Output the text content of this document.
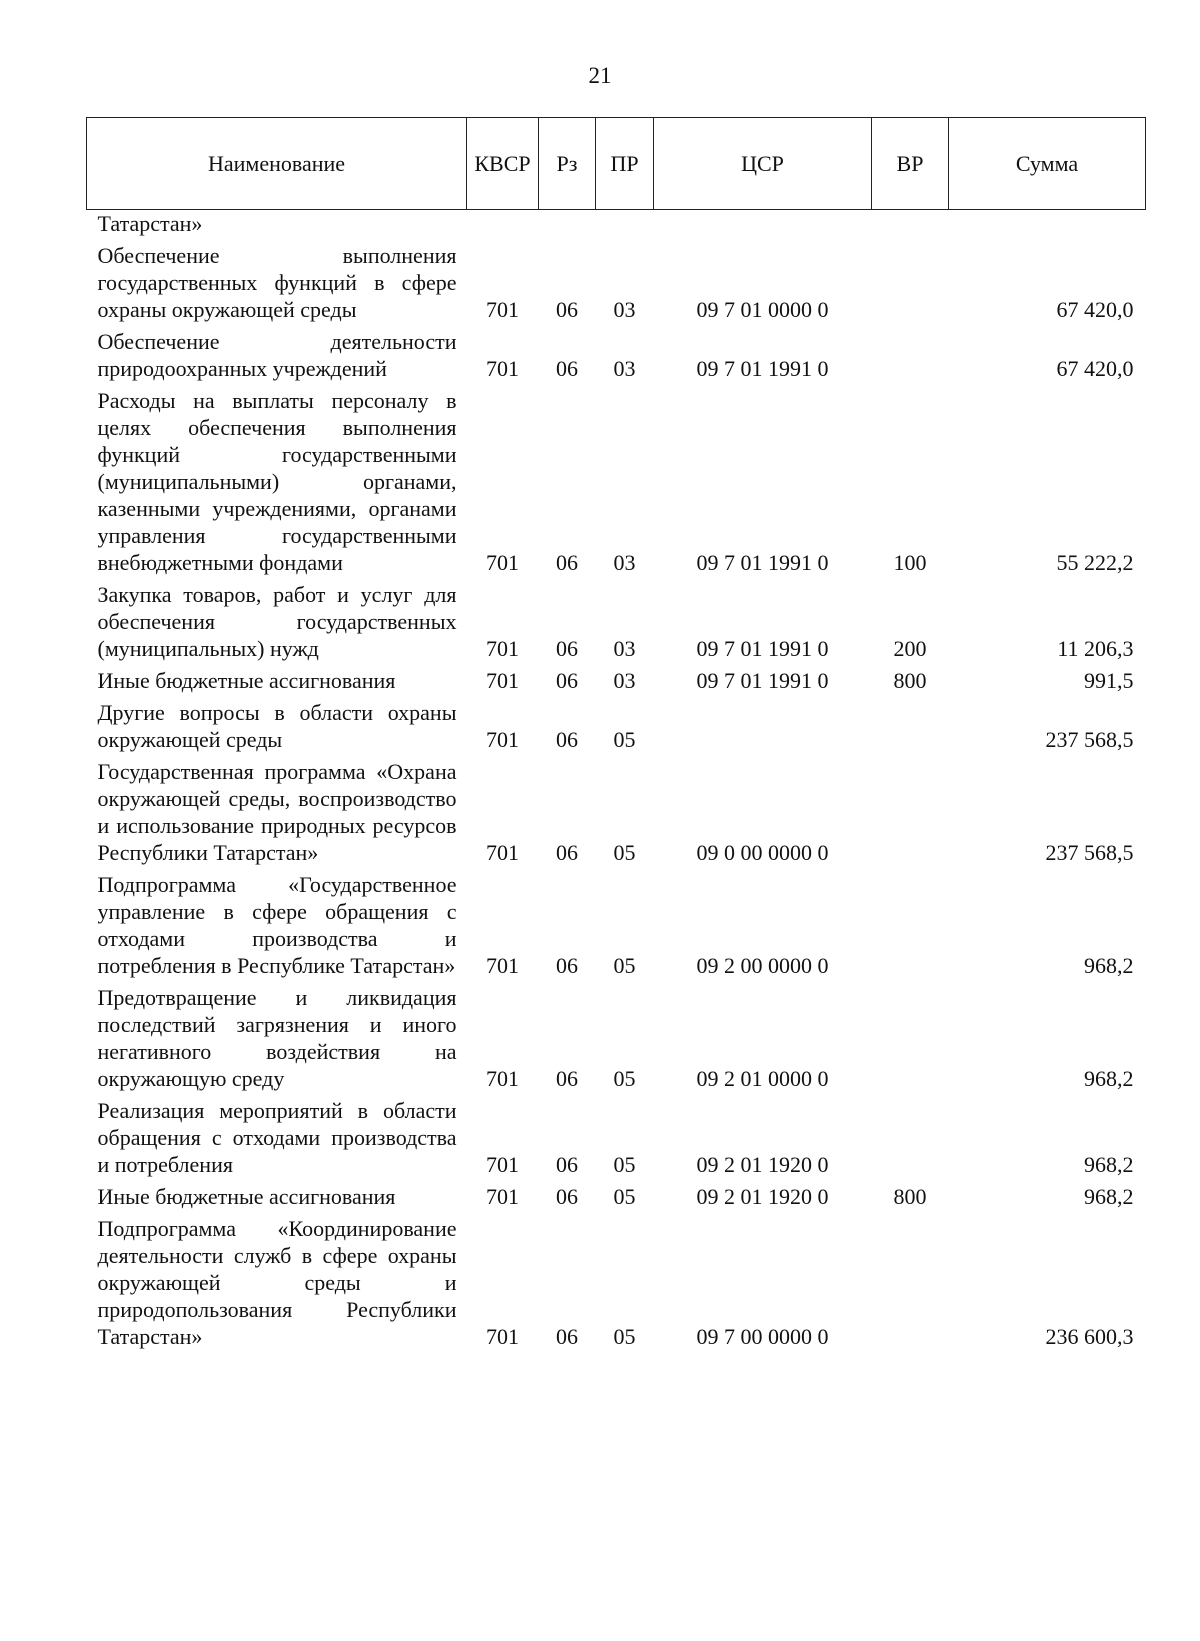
21
Наименование	КВСР	Рз	ПР	ЦСР	ВР	Сумма
Татарстан»						
Обеспечение выполнения государственных функций в сфере охраны окружающей среды	701	06	03	09 7 01 0000 0		67 420,0
Обеспечение деятельности природоохранных учреждений	701	06	03	09 7 01 1991 0		67 420,0
Расходы на выплаты персоналу в целях обеспечения выполнения функций государственными (муниципальными) органами, казенными учреждениями, органами управления государственными внебюджетными фондами	701	06	03	09 7 01 1991 0	100	55 222,2
Закупка товаров, работ и услуг для обеспечения государственных (муниципальных) нужд	701	06	03	09 7 01 1991 0	200	11 206,3
Иные бюджетные ассигнования	701	06	03	09 7 01 1991 0	800	991,5
Другие вопросы в области охраны окружающей среды	701	06	05			237 568,5
Государственная программа «Охрана окружающей среды, воспроизводство и использование природных ресурсов Республики Татарстан»	701	06	05	09 0 00 0000 0		237 568,5
Подпрограмма «Государственное управление в сфере обращения с отходами производства и потребления в Республике Татарстан»	701	06	05	09 2 00 0000 0		968,2
Предотвращение и ликвидация последствий загрязнения и иного негативного воздействия на окружающую среду	701	06	05	09 2 01 0000 0		968,2
Реализация мероприятий в области обращения с отходами производства и потребления	701	06	05	09 2 01 1920 0		968,2
Иные бюджетные ассигнования	701	06	05	09 2 01 1920 0	800	968,2
Подпрограмма «Координирование деятельности служб в сфере охраны окружающей среды и природопользования Республики Татарстан»	701	06	05	09 7 00 0000 0		236 600,3
